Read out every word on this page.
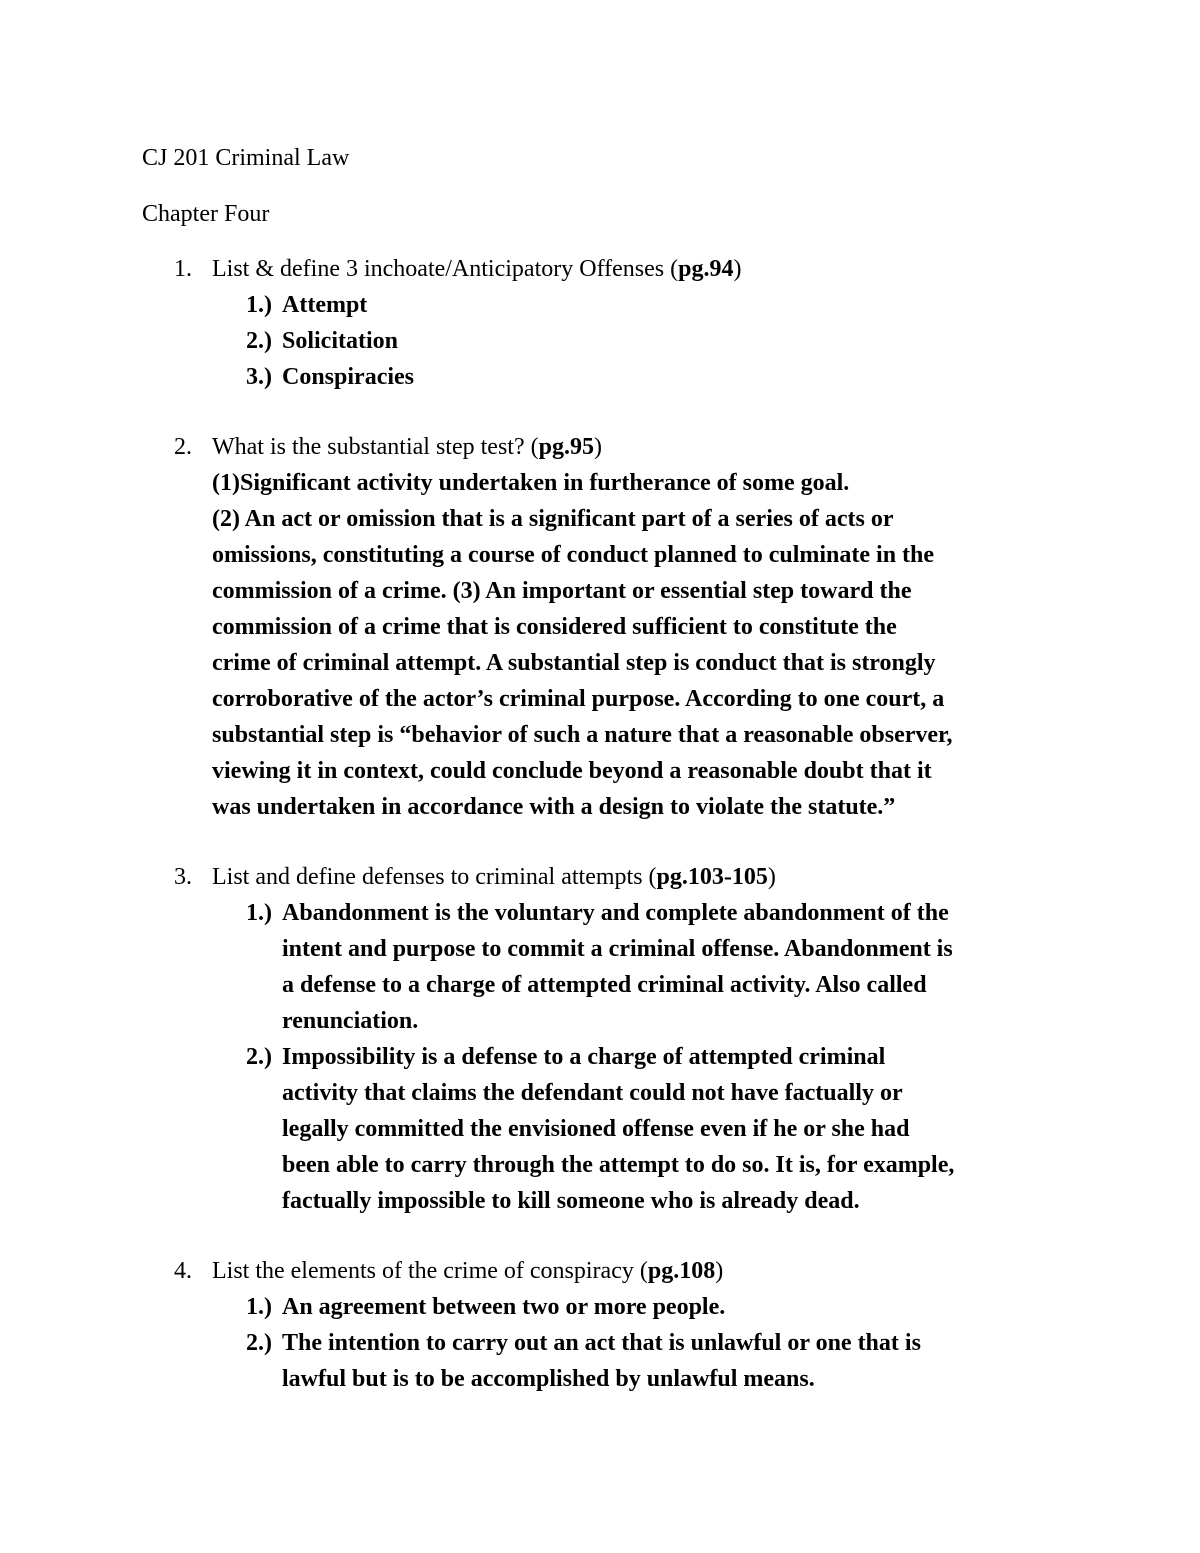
CJ 201 Criminal Law

Chapter Four

1. List & define 3 inchoate/Anticipatory Offenses (pg.94)
1.) Attempt
2.) Solicitation
3.) Conspiracies
2. What is the substantial step test? (pg.95)
(1)Significant activity undertaken in furtherance of some goal.
(2) An act or omission that is a significant part of a series of acts or
omissions, constituting a course of conduct planned to culminate in the
commission of a crime. (3) An important or essential step toward the
commission of a crime that is considered sufficient to constitute the
crime of criminal attempt. A substantial step is conduct that is strongly
corroborative of the actor’s criminal purpose. According to one court, a
substantial step is “behavior of such a nature that a reasonable observer,
viewing it in context, could conclude beyond a reasonable doubt that it
was undertaken in accordance with a design to violate the statute.”
3. List and define defenses to criminal attempts (pg.103-105)
1.) Abandonment is the voluntary and complete abandonment of the
intent and purpose to commit a criminal offense. Abandonment is
a defense to a charge of attempted criminal activity. Also called
renunciation.
2.) Impossibility is a defense to a charge of attempted criminal
activity that claims the defendant could not have factually or
legally committed the envisioned offense even if he or she had
been able to carry through the attempt to do so. It is, for example,
factually impossible to kill someone who is already dead.
4. List the elements of the crime of conspiracy (pg.108)
1.) An agreement between two or more people.
2.) The intention to carry out an act that is unlawful or one that is
lawful but is to be accomplished by unlawful means.
